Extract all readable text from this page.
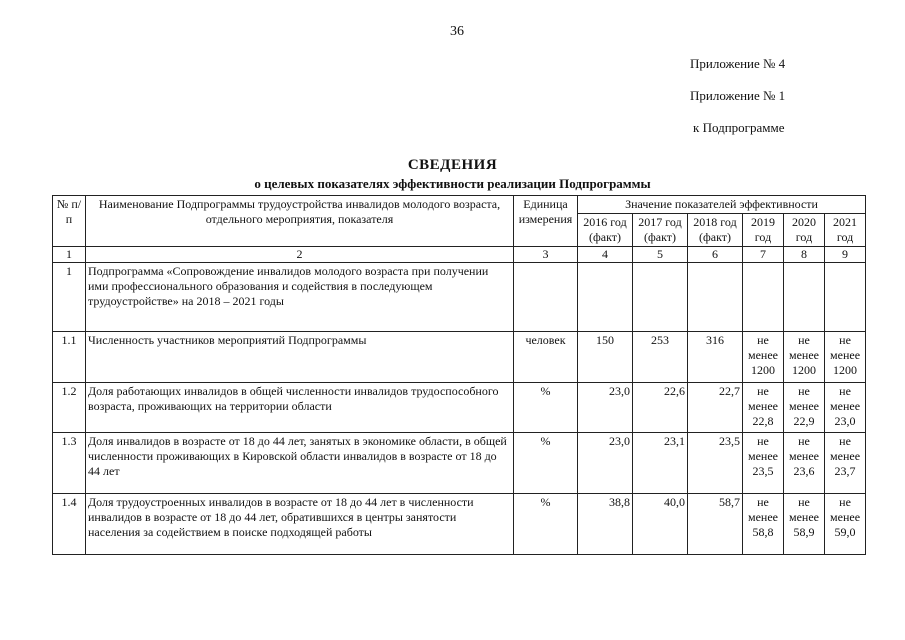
36
Приложение № 4
Приложение № 1
к Подпрограмме
СВЕДЕНИЯ
о целевых показателях эффективности реализации Подпрограммы
№ п/п	Наименование Подпрограммы трудоустройства инвалидов молодого возраста, отдельного мероприятия, показателя	Единица измерения	Значение показателей эффективности					
			2016 год (факт)	2017 год (факт)	2018 год (факт)	2019 год	2020 год	2021 год
1	2	3	4	5	6	7	8	9
1	Подпрограмма «Сопровождение инвалидов молодого возраста при получении ими профессионального образования и содействия в последующем трудоустройстве» на 2018 – 2021 годы							
1.1	Численность участников мероприятий Подпрограммы	человек	150	253	316	не
менее
1200	не
менее
1200	не
менее
1200

1.2	Доля работающих инвалидов в общей численности инвалидов трудоспособного возраста, проживающих на территории области	%	23,0	22,6	22,7	не
менее
22,8	не
менее
22,9	не
менее
23,0

1.3	Доля инвалидов в возрасте от 18 до 44 лет, занятых в экономике области, в общей численности проживающих в Кировской области инвалидов в возрасте от 18 до 44 лет	%	23,0	23,1	23,5	не
менее
23,5	не
менее
23,6	не
менее
23,7

1.4	Доля трудоустроенных инвалидов в возрасте от 18 до 44 лет в численности инвалидов в возрасте от 18 до 44 лет, обратившихся в центры занятости населения за содействием в поиске подходящей работы	%	38,8	40,0	58,7	не
менее
58,8	не
менее
58,9	не
менее
59,0
